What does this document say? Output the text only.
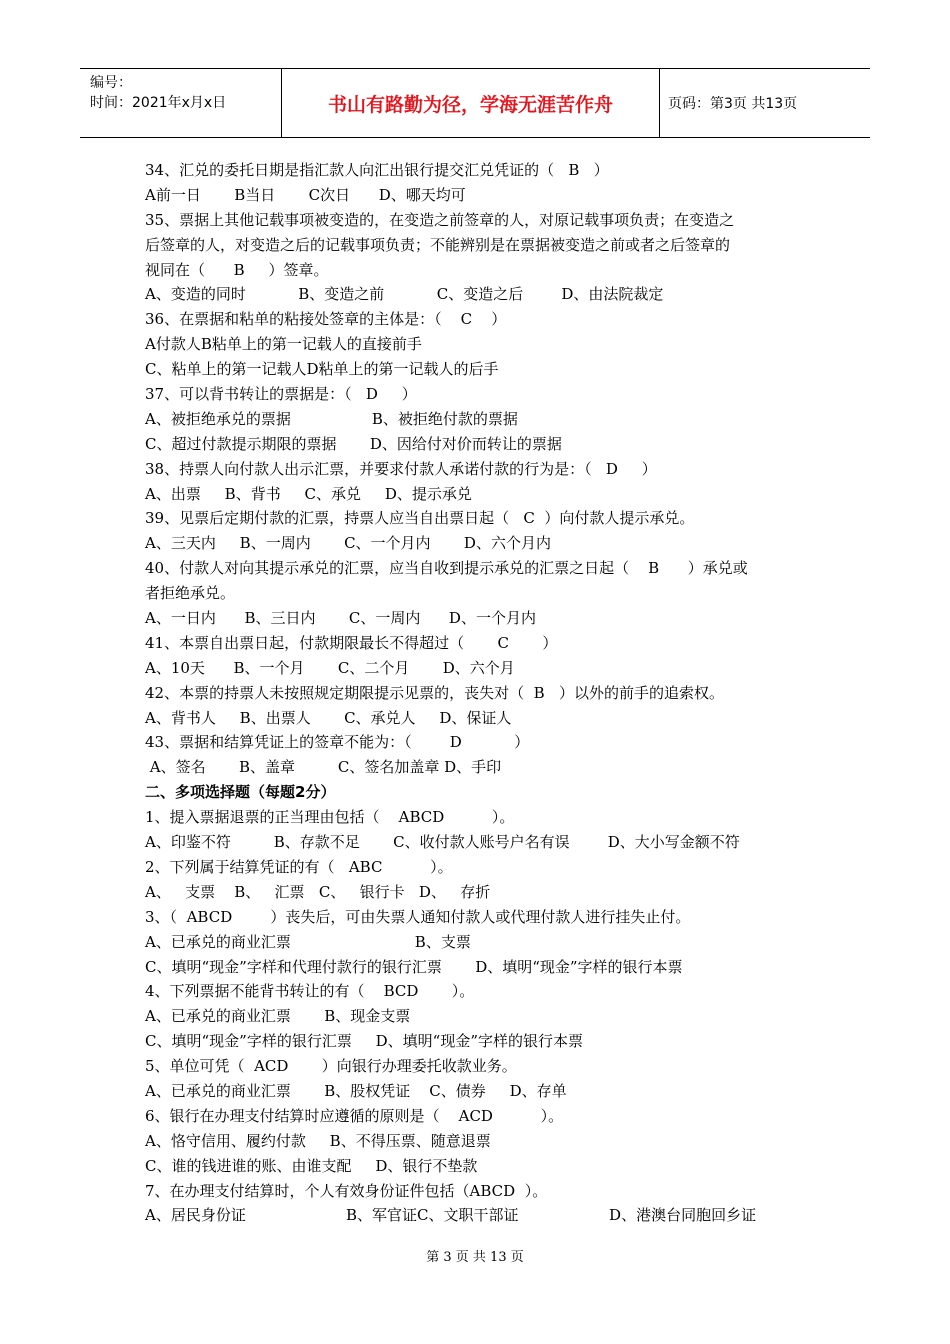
编号：
时间：2021年x月x日	书山有路勤为径，学海无涯苦作舟	页码：第3页 共13页
34、汇兑的委托日期是指汇款人向汇出银行提交汇兑凭证的（   B   ）
A前一日       B当日       C次日      D、哪天均可
35、票据上其他记载事项被变造的，在变造之前签章的人，对原记载事项负责；在变造之
后签章的人，对变造之后的记载事项负责；不能辨别是在票据被变造之前或者之后签章的
视同在（      B     ）签章。
A、变造的同时           B、变造之前           C、变造之后        D、由法院裁定
36、在票据和粘单的粘接处签章的主体是：（    C    ）
A付款人B粘单上的第一记载人的直接前手
C、粘单上的第一记载人D粘单上的第一记载人的后手
37、可以背书转让的票据是：（   D     ）
A、被拒绝承兑的票据                 B、被拒绝付款的票据
C、超过付款提示期限的票据       D、因给付对价而转让的票据
38、持票人向付款人出示汇票，并要求付款人承诺付款的行为是：（   D     ）
A、出票     B、背书     C、承兑     D、提示承兑
39、见票后定期付款的汇票，持票人应当自出票日起（   C  ）向付款人提示承兑。
A、三天内     B、一周内       C、一个月内       D、六个月内
40、付款人对向其提示承兑的汇票，应当自收到提示承兑的汇票之日起（    B      ）承兑或
者拒绝承兑。
A、一日内      B、三日内       C、一周内      D、一个月内
41、本票自出票日起，付款期限最长不得超过（       C       ）
A、10天      B、一个月       C、二个月       D、六个月
42、本票的持票人未按照规定期限提示见票的，丧失对（  B   ）以外的前手的追索权。
A、背书人     B、出票人       C、承兑人     D、保证人
43、票据和结算凭证上的签章不能为：（        D           ）
A、签名       B、盖章         C、签名加盖章 D、手印
二、多项选择题（每题2分）
1、提入票据退票的正当理由包括（    ABCD          ）。
A、印鉴不符         B、存款不足       C、收付款人账号户名有误        D、大小写金额不符
2、下列属于结算凭证的有（   ABC          ）。
A、   支票    B、   汇票   C、   银行卡   D、   存折
3、（  ABCD        ）丧失后，可由失票人通知付款人或代理付款人进行挂失止付。
A、已承兑的商业汇票                          B、支票
C、填明“现金”字样和代理付款行的银行汇票       D、填明“现金”字样的银行本票
4、下列票据不能背书转让的有（    BCD       ）。
A、已承兑的商业汇票       B、现金支票
C、填明“现金”字样的银行汇票     D、填明“现金”字样的银行本票
5、单位可凭（  ACD       ）向银行办理委托收款业务。
A、已承兑的商业汇票       B、股权凭证    C、债券     D、存单
6、银行在办理支付结算时应遵循的原则是（    ACD          ）。
A、恪守信用、履约付款     B、不得压票、随意退票
C、谁的钱进谁的账、由谁支配     D、银行不垫款
7、在办理支付结算时，个人有效身份证件包括（ABCD  ）。
A、居民身份证                     B、军官证C、文职干部证                   D、港澳台同胞回乡证
第 3 页 共 13 页
